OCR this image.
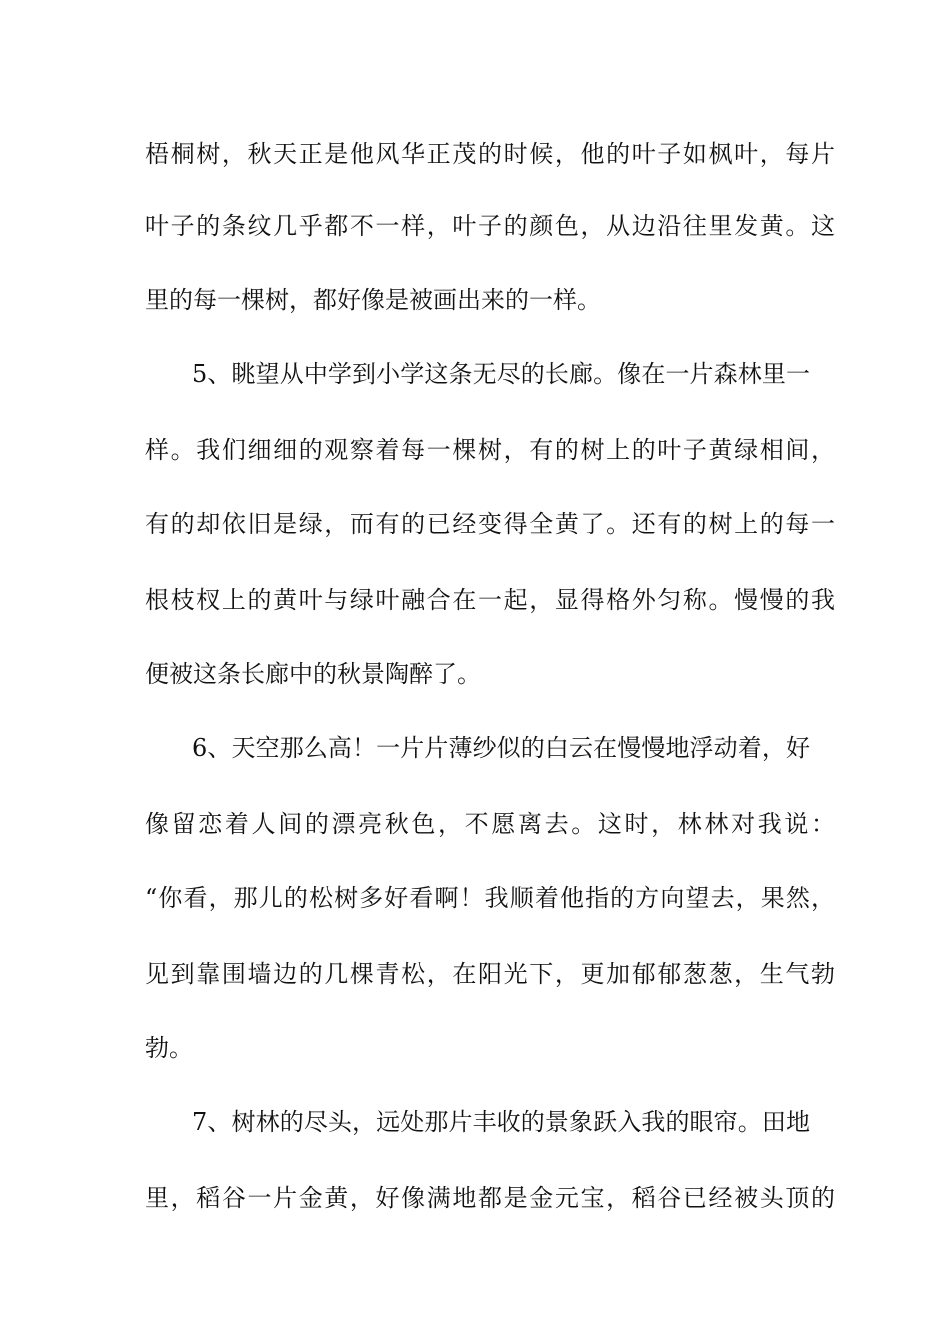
梧桐树，秋天正是他风华正茂的时候，他的叶子如枫叶，每片
叶子的条纹几乎都不一样，叶子的颜色，从边沿往里发黄。这
里的每一棵树，都好像是被画出来的一样。
5、眺望从中学到小学这条无尽的长廊。像在一片森林里一
样。我们细细的观察着每一棵树，有的树上的叶子黄绿相间，
有的却依旧是绿，而有的已经变得全黄了。还有的树上的每一
根枝杈上的黄叶与绿叶融合在一起，显得格外匀称。慢慢的我
便被这条长廊中的秋景陶醉了。
6、天空那么高！一片片薄纱似的白云在慢慢地浮动着，好
像留恋着人间的漂亮秋色，不愿离去。这时，林林对我说：
“你看，那儿的松树多好看啊！我顺着他指的方向望去，果然，
见到靠围墙边的几棵青松，在阳光下，更加郁郁葱葱，生气勃
勃。
7、树林的尽头，远处那片丰收的景象跃入我的眼帘。田地
里，稻谷一片金黄，好像满地都是金元宝，稻谷已经被头顶的
